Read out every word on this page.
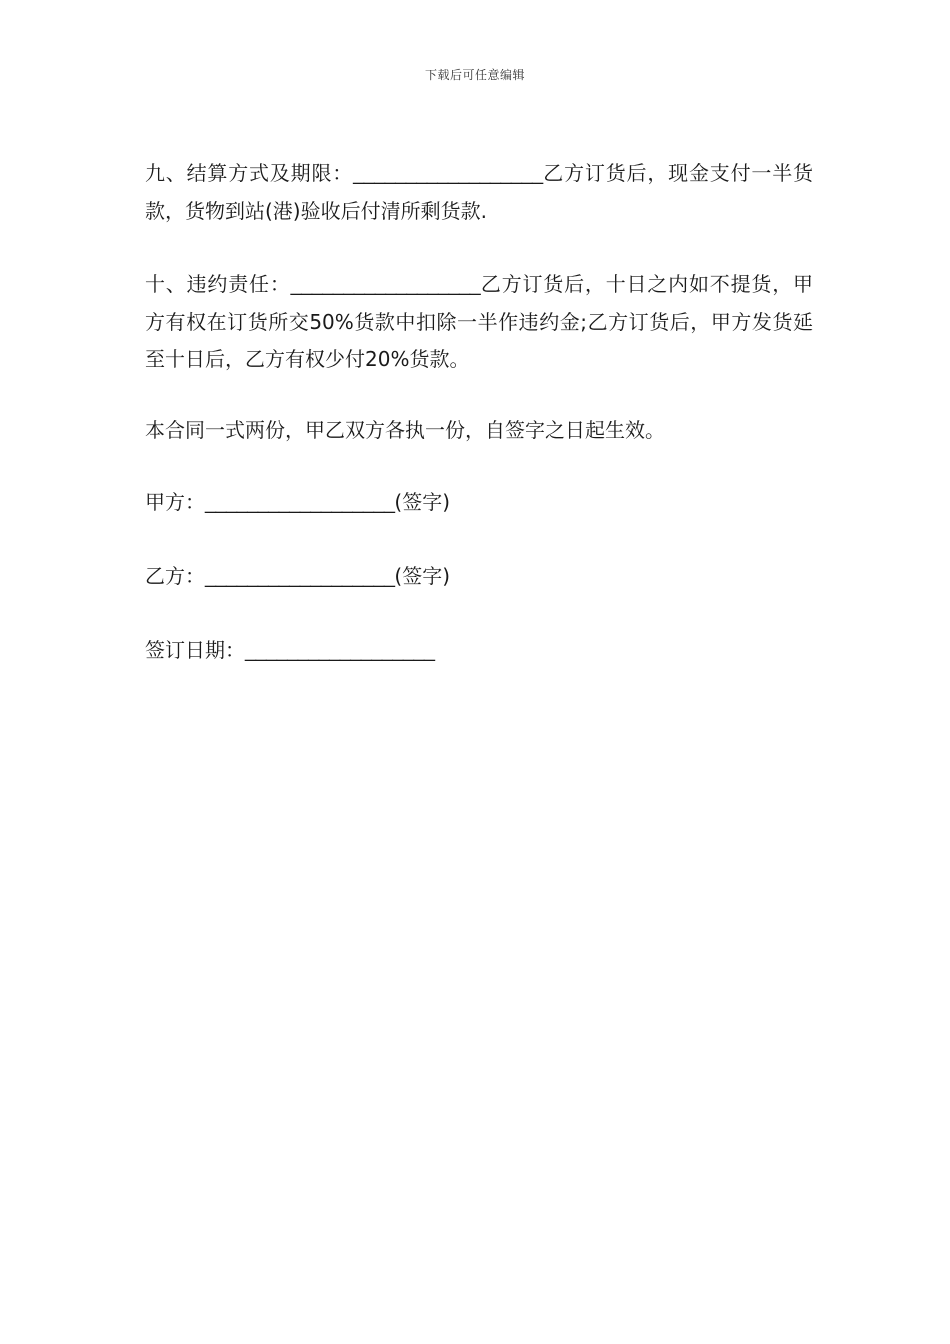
下载后可任意编辑

九、结算方式及期限：__________________乙方订货后，现金支付一半货款，货物到站(港)验收后付清所剩货款.

十、违约责任：__________________乙方订货后，十日之内如不提货，甲方有权在订货所交50%货款中扣除一半作违约金;乙方订货后，甲方发货延至十日后，乙方有权少付20%货款。

本合同一式两份，甲乙双方各执一份，自签字之日起生效。

甲方：__________________(签字)

乙方：__________________(签字)

签订日期：__________________
